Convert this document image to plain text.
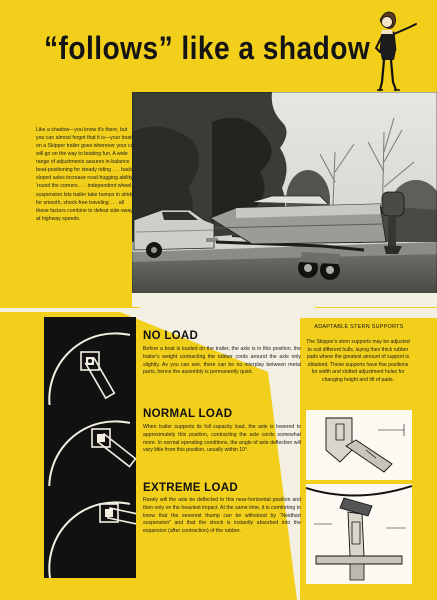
“follows” like a shadow

Like a shadow—you know it's there, but you can almost forget that it is—your boat on a Skipper trailer goes wherever your car will go on the way to boating fun. A wide range of adjustments assures in-balance boat-positioning for steady riding . . . back-sloped axles increase road-hugging ability 'round the corners . . . independent wheel suspension lets trailer take bumps in stride for smooth, shock-free traveling . . . all these factors combine to defeat side-sway at highway speeds.

NO LOAD

Before a boat is loaded on the trailer, the axle is in this position, the trailer's weight contracting the rubber cords around the axle only slightly. As you can see, there can be no interplay between metal parts, hence the assembly is permanently quiet.

NORMAL LOAD

When trailer supports its full capacity load, the axle is lowered to approximately this position, contracting the axle cords somewhat more. In normal operating conditions, the angle of axle deflection will vary little from this position, usually within 10°.

EXTREME LOAD

Rarely will the axle be deflected to this near-horizontal position and then only on the heaviest impact. At the same time, it is comforting to know that the severest thump can be withstood by “Neidhart suspension” and that the shock is instantly absorbed into the expansion (after contraction) of the rubber.

ADAPTABLE STERN SUPPORTS

The Skipper's stern supports may be adjusted to suit different hulls, laying their thick rubber pads where the greatest amount of support is obtained. These supports have five positions for width and slotted adjustment holes for changing height and tilt of pads.
